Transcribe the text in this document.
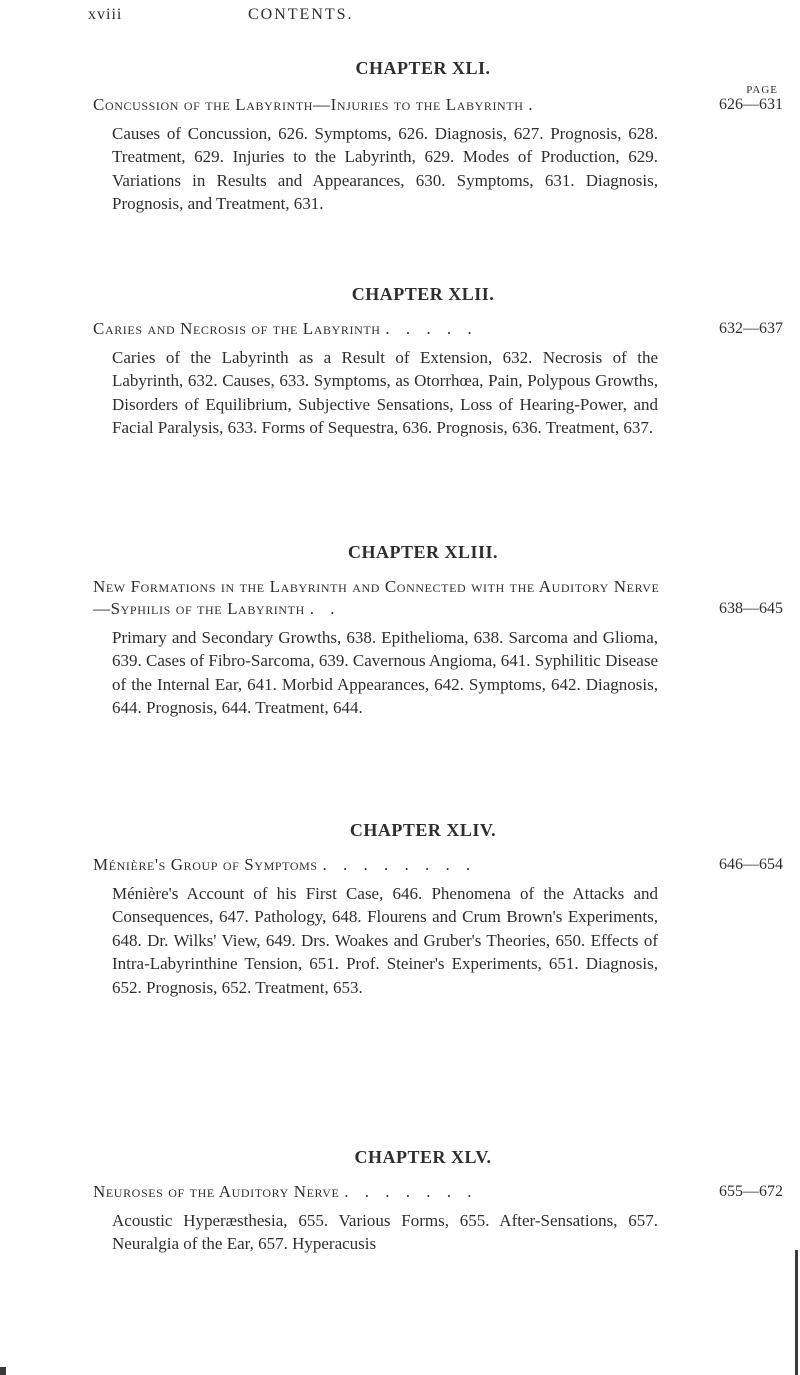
xviii	CONTENTS.
CHAPTER XLI.
PAGE
Concussion of the Labyrinth—Injuries to the Labyrinth .	626—631
Causes of Concussion, 626. Symptoms, 626. Diagnosis, 627. Prognosis, 628. Treatment, 629. Injuries to the Labyrinth, 629. Modes of Production, 629. Variations in Results and Appearances, 630. Symptoms, 631. Diagnosis, Prognosis, and Treatment, 631.
CHAPTER XLII.
Caries and Necrosis of the Labyrinth . . . . .	632—637
Caries of the Labyrinth as a Result of Extension, 632. Necrosis of the Labyrinth, 632. Causes, 633. Symptoms, as Otorrhœa, Pain, Polypous Growths, Disorders of Equilibrium, Subjective Sensations, Loss of Hearing-Power, and Facial Paralysis, 633. Forms of Sequestra, 636. Prognosis, 636. Treatment, 637.
CHAPTER XLIII.
New Formations in the Labyrinth and Connected with the Auditory Nerve—Syphilis of the Labyrinth . .	638—645
Primary and Secondary Growths, 638. Epithelioma, 638. Sarcoma and Glioma, 639. Cases of Fibro-Sarcoma, 639. Cavernous Angioma, 641. Syphilitic Disease of the Internal Ear, 641. Morbid Appearances, 642. Symptoms, 642. Diagnosis, 644. Prognosis, 644. Treatment, 644.
CHAPTER XLIV.
Ménière's Group of Symptoms . . . . . . . .	646—654
Ménière's Account of his First Case, 646. Phenomena of the Attacks and Consequences, 647. Pathology, 648. Flourens and Crum Brown's Experiments, 648. Dr. Wilks' View, 649. Drs. Woakes and Gruber's Theories, 650. Effects of Intra-Labyrinthine Tension, 651. Prof. Steiner's Experiments, 651. Diagnosis, 652. Prognosis, 652. Treatment, 653.
CHAPTER XLV.
Neuroses of the Auditory Nerve . . . . . . .	655—672
Acoustic Hyperæsthesia, 655. Various Forms, 655. After-Sensations, 657. Neuralgia of the Ear, 657. Hyperacusis
